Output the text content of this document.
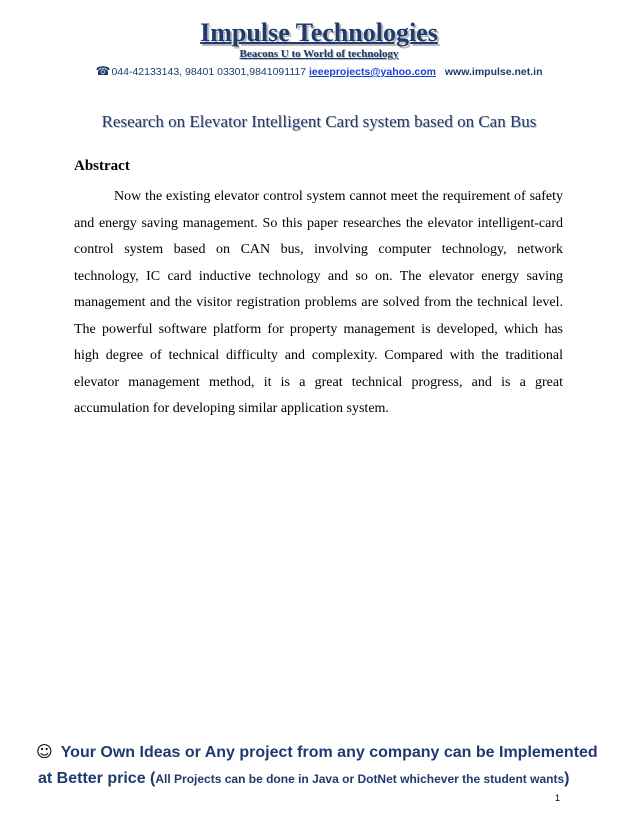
Impulse Technologies
Beacons U to World of technology
☎044-42133143, 98401 03301,9841091117 ieeeprojects@yahoo.com www.impulse.net.in
Research on Elevator Intelligent Card system based on Can Bus
Abstract

Now the existing elevator control system cannot meet the requirement of safety and energy saving management. So this paper researches the elevator intelligent-card control system based on CAN bus, involving computer technology, network technology, IC card inductive technology and so on. The elevator energy saving management and the visitor registration problems are solved from the technical level. The powerful software platform for property management is developed, which has high degree of technical difficulty and complexity. Compared with the traditional elevator management method, it is a great technical progress, and is a great accumulation for developing similar application system.

☺ Your Own Ideas or Any project from any company can be Implemented
at Better price (All Projects can be done in Java or DotNet whichever the student wants)
1
